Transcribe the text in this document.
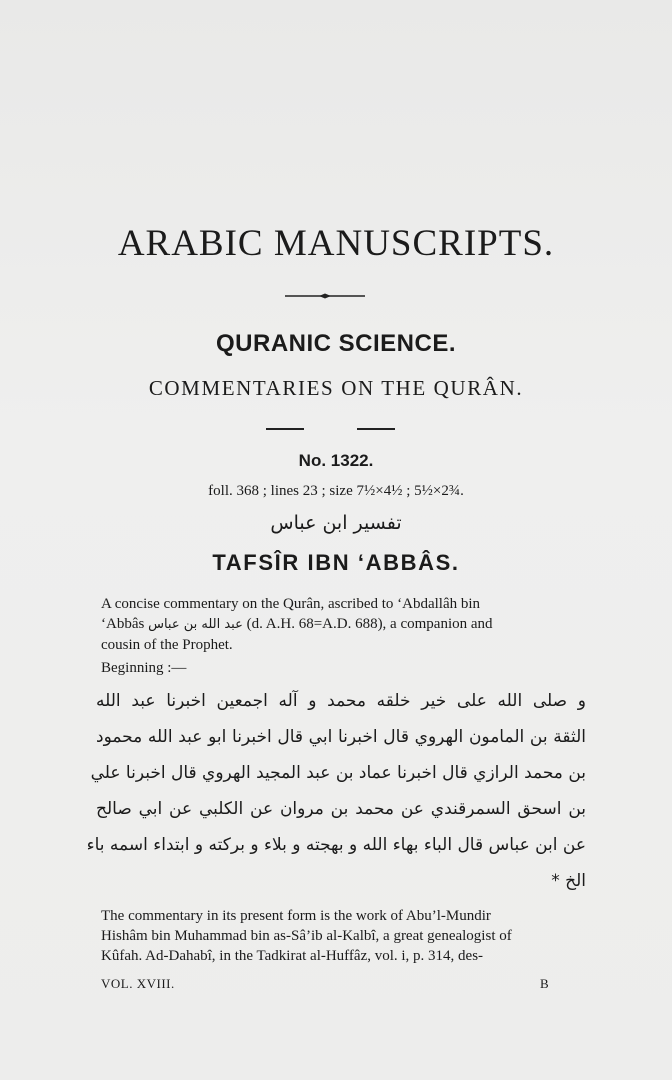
ARABIC MANUSCRIPTS.
QURANIC SCIENCE.
COMMENTARIES ON THE QURÂN.
No. 1322.
foll. 368 ; lines 23 ; size 7½×4½ ; 5½×2¾.
تفسير ابن عباس
TAFSÎR IBN ‘ABBÂS.
A concise commentary on the Qurân, ascribed to ‘Abdallâh bin
‘Abbâs عبد الله بن عباس (d. A.H. 68=A.D. 688), a companion and
cousin of the Prophet.
Beginning :—
و صلى الله على خير خلقه محمد و آله اجمعين اخبرنا عبد الله
الثقة بن المامون الهروي قال اخبرنا ابي قال اخبرنا ابو عبد الله محمود
بن محمد الرازي قال اخبرنا عماد بن عبد المجيد الهروي قال اخبرنا علي
بن اسحق السمرقندي عن محمد بن مروان عن الكلبي عن ابي صالح
عن ابن عباس قال الباء بهاء الله و بهجته و بلاء و بركته و ابتداء اسمه باء
الخ *
The commentary in its present form is the work of Abu’l-Mundir
Hishâm bin Muhammad bin as-Sâ’ib al-Kalbî, a great genealogist of
Kûfah. Ad-Dahabî, in the Tadkirat al-Huffâz, vol. i, p. 314, des-
VOL. XVIII.	B
